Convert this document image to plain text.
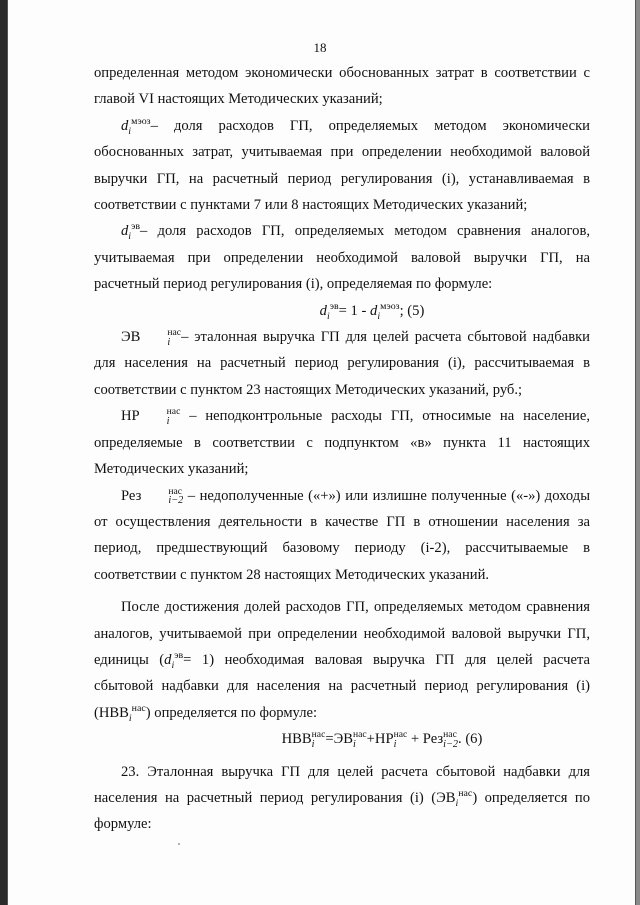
18

определенная методом экономически обоснованных затрат в соответствии с главой VI настоящих Методических указаний;

$d_i^{мэоз}-$ доля расходов ГП, определяемых методом экономически обоснованных затрат, учитываемая при определении необходимой валовой выручки ГП, на расчетный период регулирования (i), устанавливаемая в соответствии с пунктами 7 или 8 настоящих Методических указаний;

$d_i^{эв}-$ доля расходов ГП, определяемых методом сравнения аналогов, учитываемая при определении необходимой валовой выручки ГП, на расчетный период регулирования (i), определяемая по формуле:

$d_i^{эв}= 1 - d_i^{мэоз}$; (5)

ЭВ	нас
i – эталонная выручка ГП для целей расчета сбытовой надбавки для населения на расчетный период регулирования (i), рассчитываемая в соответствии с пунктом 23 настоящих Методических указаний, руб.;

НР	нас
i – неподконтрольные расходы ГП, относимые на население, определяемые в соответствии с подпунктом «в» пункта 11 настоящих Методических указаний;

Рез	нас
i−2 – недополученные («+») или излишне полученные («-») доходы от осуществления деятельности в качестве ГП в отношении населения за период, предшествующий базовому периоду (i-2), рассчитываемые в соответствии с пунктом 28 настоящих Методических указаний.

После достижения долей расходов ГП, определяемых методом сравнения аналогов, учитываемой при определении необходимой валовой выручки ГП, единицы $(d_i^{эв}= 1)$ необходимая валовая выручка ГП для целей расчета сбытовой надбавки для населения на расчетный период регулирования (i) $(НВВ_i^{нас})$ определяется по формуле:

НВВ нас
i =ЭВ нас
i +НР нас
i + Рез нас
i−2 . (6)

23. Эталонная выручка ГП для целей расчета сбытовой надбавки для населения на расчетный период регулирования (i) $(ЭВ_i^{нас})$ определяется по формуле:
